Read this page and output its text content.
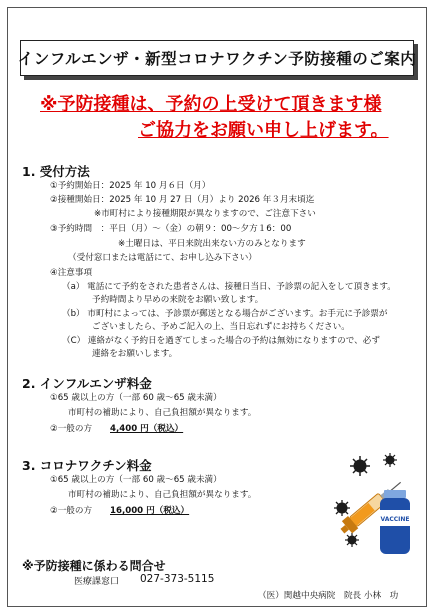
インフルエンザ・新型コロナワクチン予防接種のご案内
※予防接種は、予約の上受けて頂きます様
ご協力をお願い申し上げます。
1. 受付方法
①予約開始日：2025 年 10 月６日（月）
②接種開始日：2025 年 10 月 27 日（月）より 2026 年３月末頃迄
※市町村により接種期限が異なりますので、ご注意下さい
③予約時間　：平日（月）～（金）の朝９：00～夕方１6：00
※土曜日は、平日来院出来ない方のみとなります
（受付窓口または電話にて、お申し込み下さい）
④注意事項
（a） 電話にて予約をされた患者さんは、接種日当日、予診票の記入をして頂きます。
予約時間より早めの来院をお願い致します。
（b） 市町村によっては、予診票が郵送となる場合がございます。お手元に予診票が
ございましたら、予めご記入の上、当日忘れずにお持ちください。
（C） 連絡がなく予約日を過ぎてしまった場合の予約は無効になりますので、必ず
連絡をお願いします。
2. インフルエンザ料金
①65 歳以上の方（一部 60 歳～65 歳未満）
市町村の補助により、自己負担額が異なります。
②一般の方 4,400 円（税込）
3. コロナワクチン料金
①65 歳以上の方（一部 60 歳～65 歳未満）
市町村の補助により、自己負担額が異なります。
②一般の方 16,000 円（税込）
VACCINE
※予防接種に係わる問合せ
医療課窓口 027-373-5115
（医）関越中央病院　院長 小林　功
